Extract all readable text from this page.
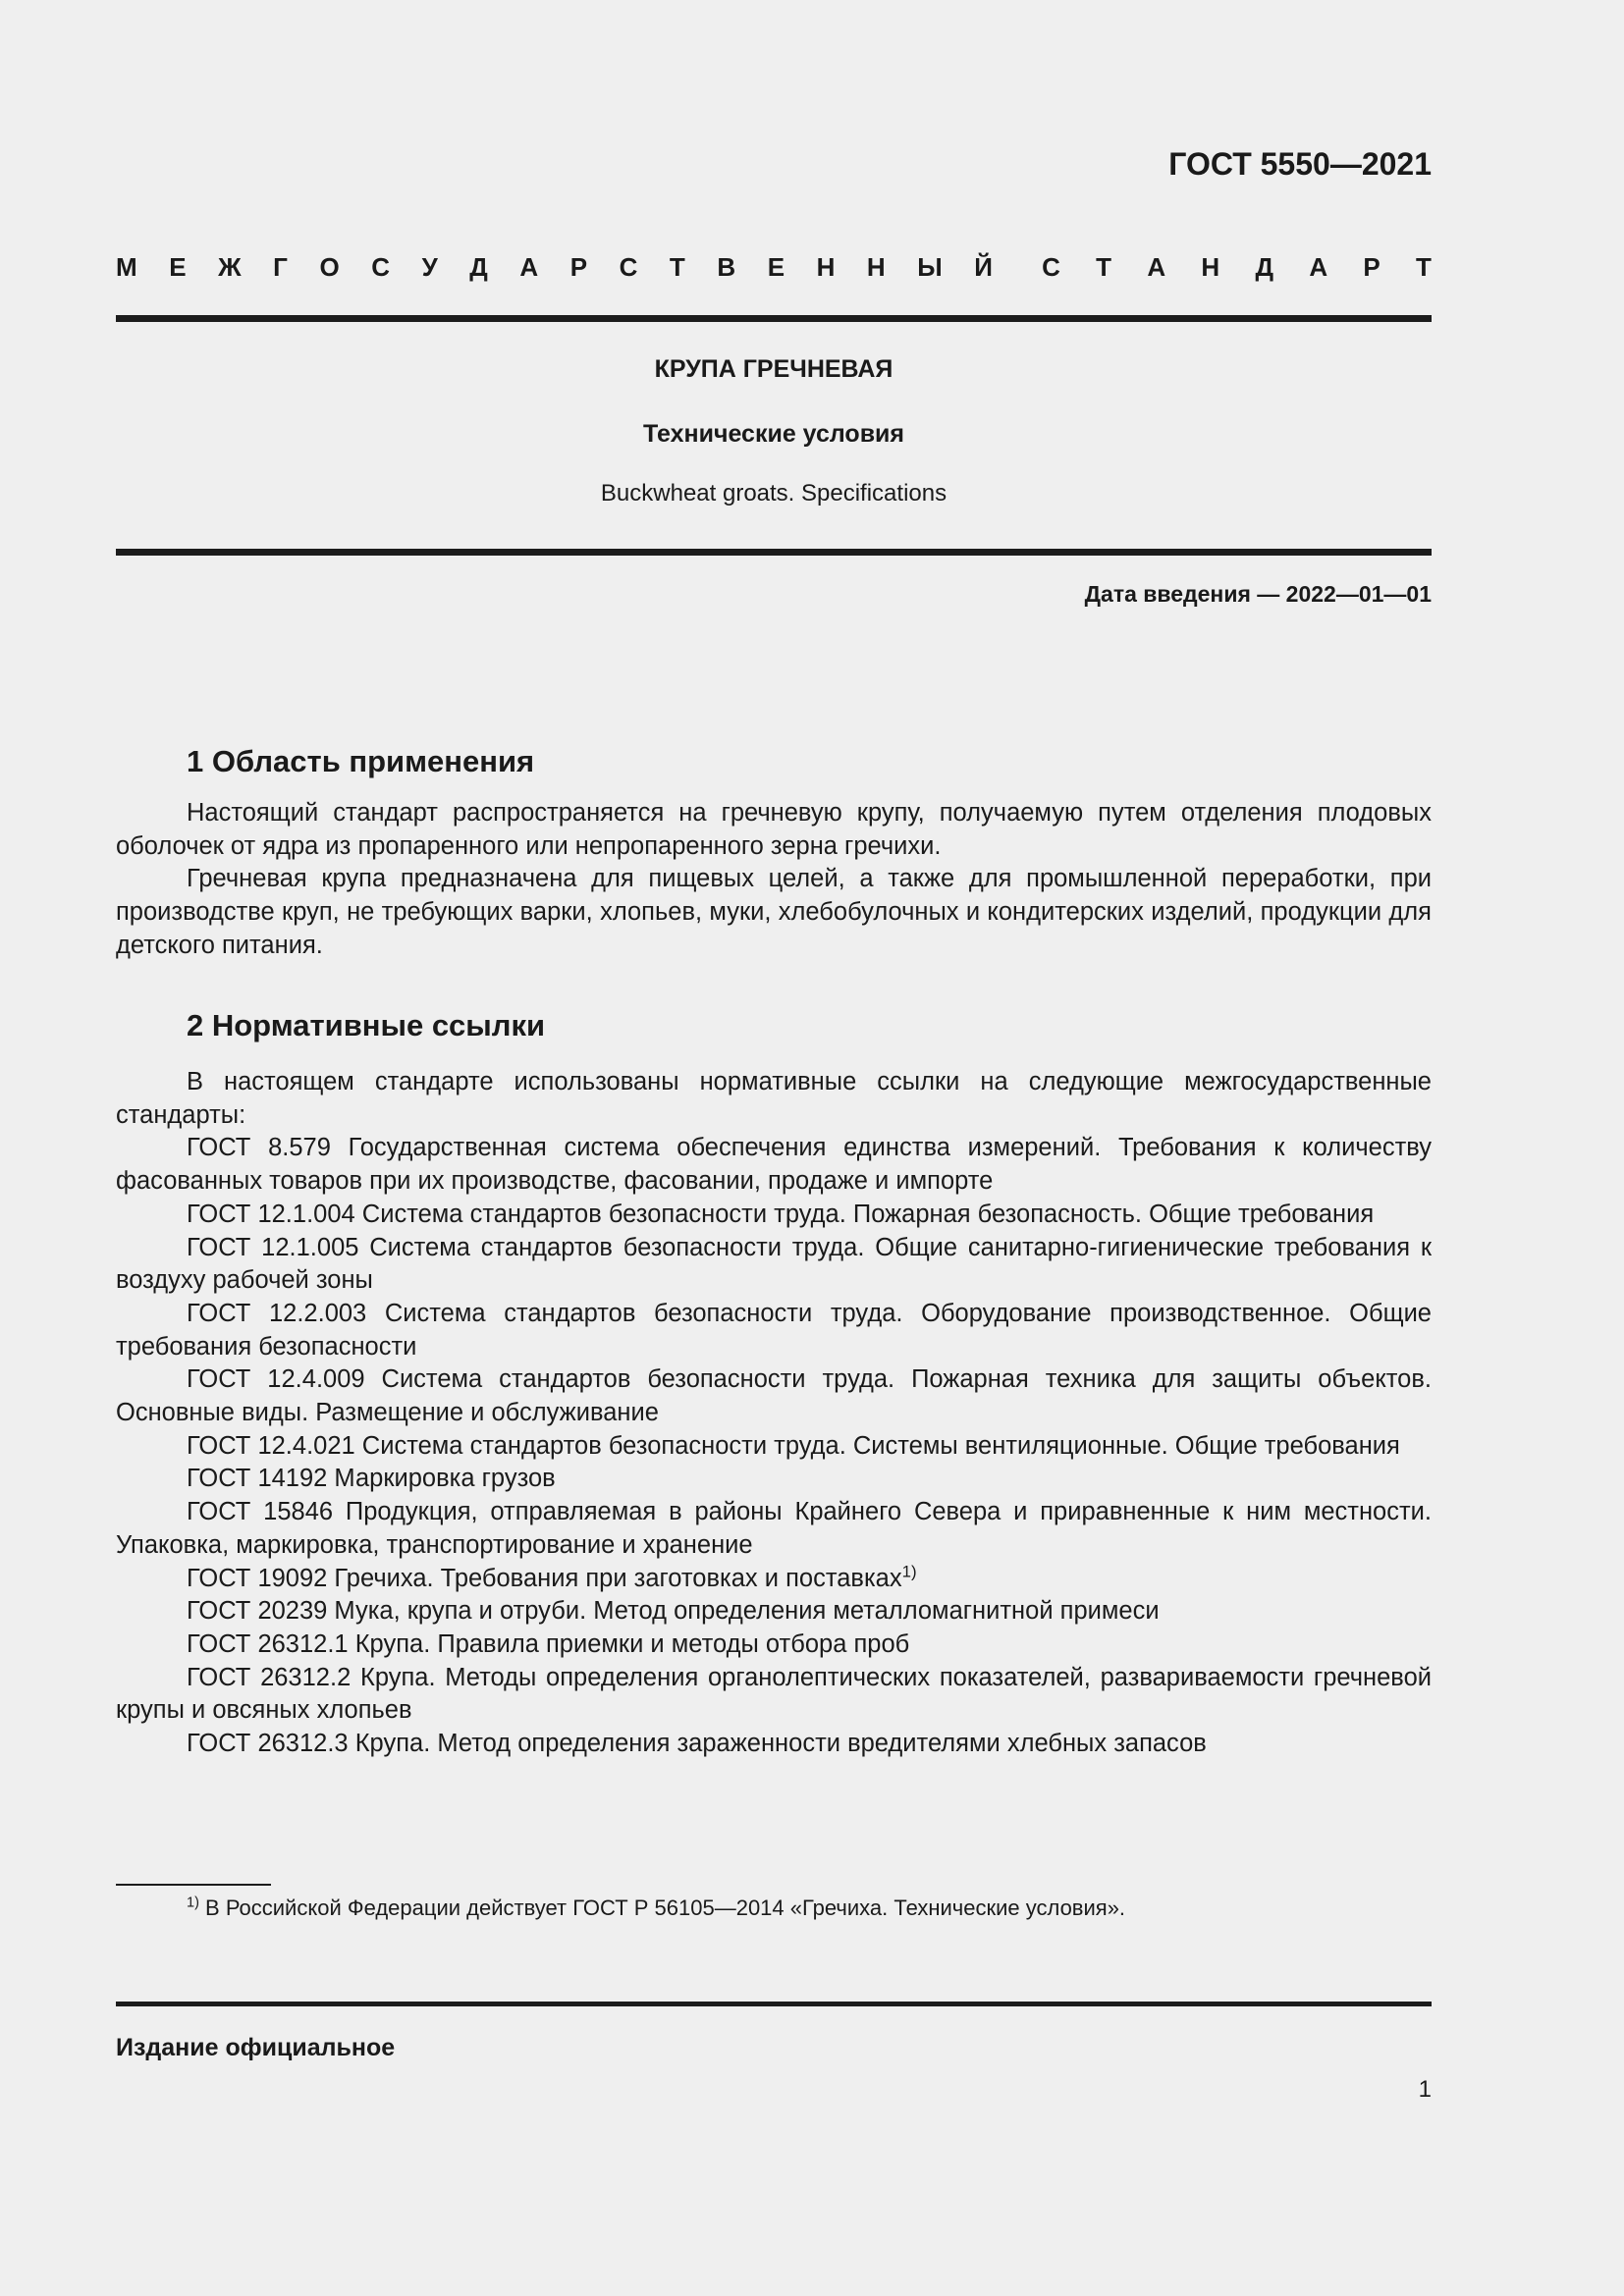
ГОСТ 5550—2021
М Е Ж Г О С У Д А Р С Т В Е Н Н Ы Й С Т А Н Д А Р Т
КРУПА ГРЕЧНЕВАЯ
Технические условия
Buckwheat groats. Specifications
Дата введения — 2022—01—01
1 Область применения

Настоящий стандарт распространяется на гречневую крупу, получаемую путем отделения плодовых оболочек от ядра из пропаренного или непропаренного зерна гречихи.

Гречневая крупа предназначена для пищевых целей, а также для промышленной переработки, при производстве круп, не требующих варки, хлопьев, муки, хлебобулочных и кондитерских изделий, продукции для детского питания.

2 Нормативные ссылки

В настоящем стандарте использованы нормативные ссылки на следующие межгосударственные стандарты:

ГОСТ 8.579 Государственная система обеспечения единства измерений. Требования к количеству фасованных товаров при их производстве, фасовании, продаже и импорте

ГОСТ 12.1.004 Система стандартов безопасности труда. Пожарная безопасность. Общие требования

ГОСТ 12.1.005 Система стандартов безопасности труда. Общие санитарно-гигиенические требования к воздуху рабочей зоны

ГОСТ 12.2.003 Система стандартов безопасности труда. Оборудование производственное. Общие требования безопасности

ГОСТ 12.4.009 Система стандартов безопасности труда. Пожарная техника для защиты объектов. Основные виды. Размещение и обслуживание

ГОСТ 12.4.021 Система стандартов безопасности труда. Системы вентиляционные. Общие требования

ГОСТ 14192 Маркировка грузов

ГОСТ 15846 Продукция, отправляемая в районы Крайнего Севера и приравненные к ним местности. Упаковка, маркировка, транспортирование и хранение

ГОСТ 19092 Гречиха. Требования при заготовках и поставках$^{1)}$

ГОСТ 20239 Мука, крупа и отруби. Метод определения металломагнитной примеси

ГОСТ 26312.1 Крупа. Правила приемки и методы отбора проб

ГОСТ 26312.2 Крупа. Методы определения органолептических показателей, развариваемости гречневой крупы и овсяных хлопьев

ГОСТ 26312.3 Крупа. Метод определения зараженности вредителями хлебных запасов

$^{1)}$ В Российской Федерации действует ГОСТ Р 56105—2014 «Гречиха. Технические условия».
Издание официальное
1
